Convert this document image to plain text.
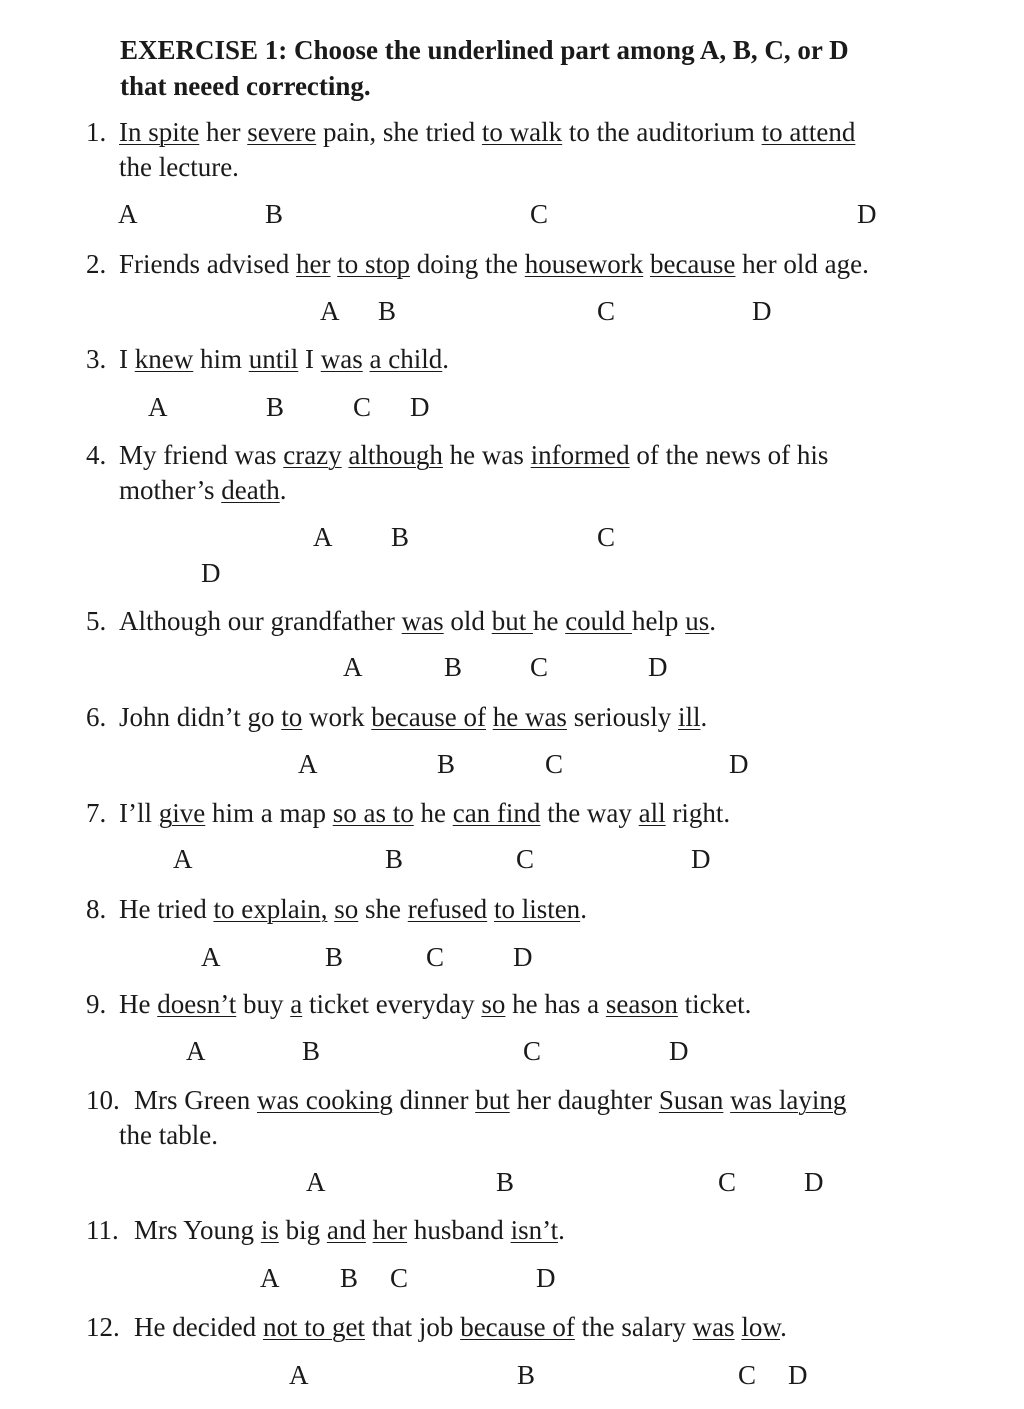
EXERCISE 1: Choose the underlined part among A, B, C, or D
that neeed correcting.
1. In spite her severe pain, she tried to walk to the auditorium to attend
the lecture.
A	B	C	D
2. Friends advised her to stop doing the housework because her old age.
A B	C	D
3. I knew him until I was a child.
A	B	C D
4. My friend was crazy although he was informed of the news of his
mother’s death.
A B	C
D
5. Although our grandfather was old but he could help us.
A	B	C	D
6. John didn’t go to work because of he was seriously ill.
A	B	C	D
7. I’ll give him a map so as to he can find the way all right.
A	B	C	D
8. He tried to explain, so she refused to listen.
A	B	C	D
9. He doesn’t buy a ticket everyday so he has a season ticket.
A	B	C	D
10. Mrs Green was cooking dinner but her daughter Susan was laying
the table.
A	B	C	D
11. Mrs Young is big and her husband isn’t.
A B C	D
12. He decided not to get that job because of the salary was low.
A	B	C D
